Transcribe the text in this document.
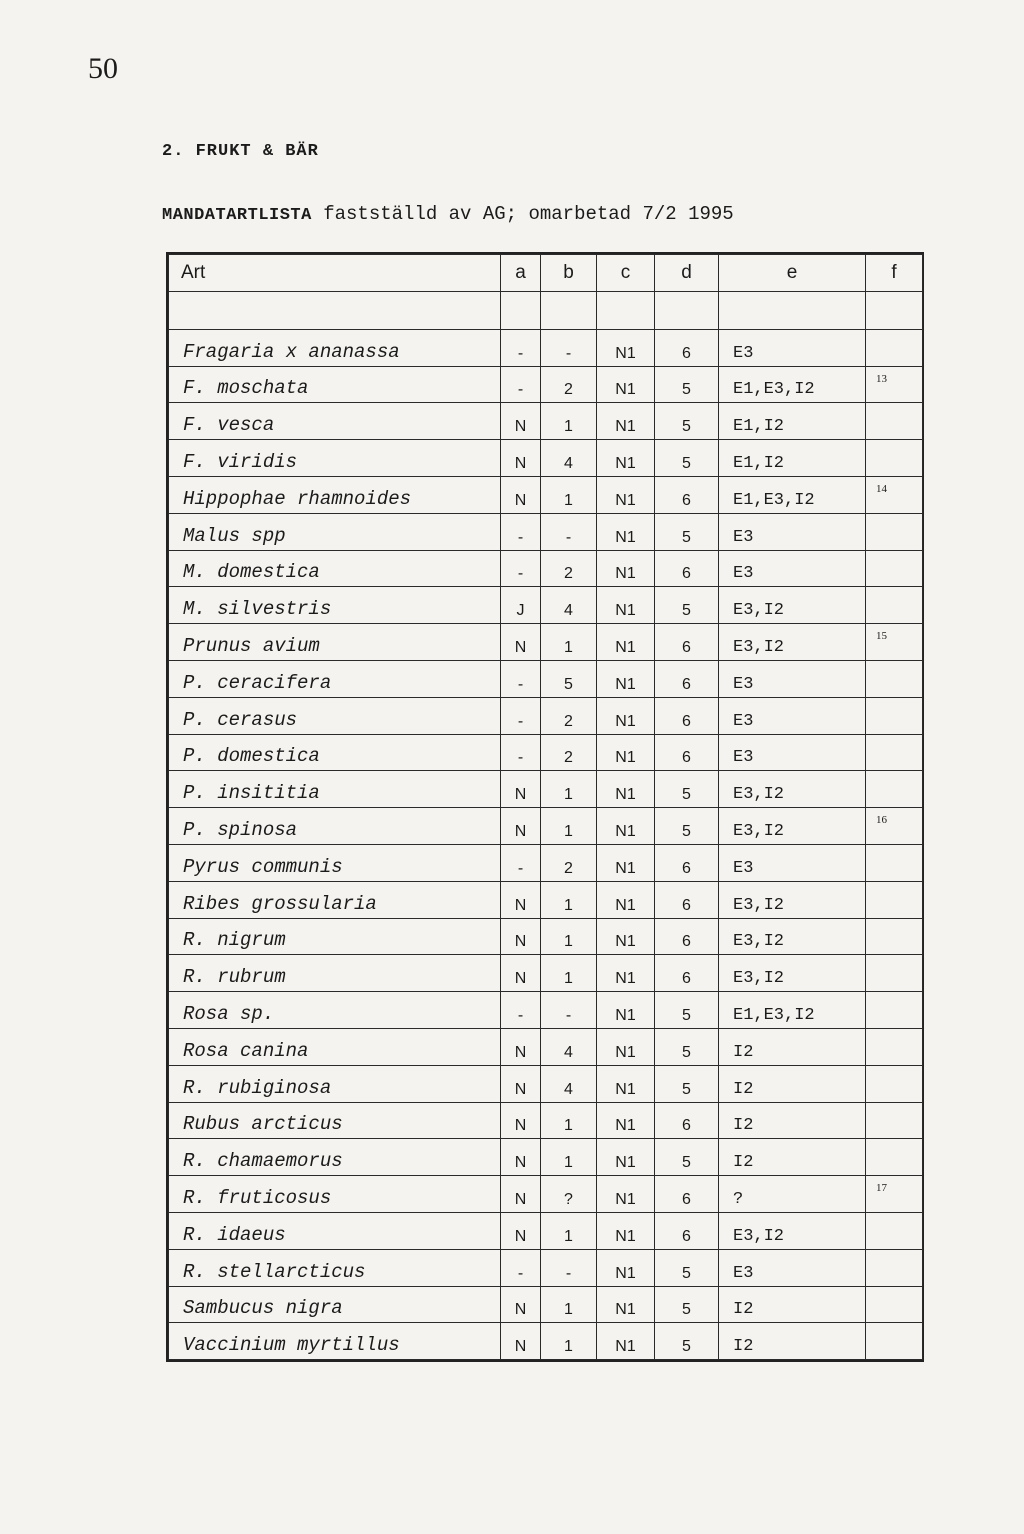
50
2. FRUKT & BÄR
MANDATARTLISTA fastställd av AG; omarbetad 7/2 1995
Art	a	b	c	d	e	f

Fragaria x ananassa	-	-	N1	6	E3	
F. moschata	-	2	N1	5	E1,E3,I2	13
F. vesca	N	1	N1	5	E1,I2	
F. viridis	N	4	N1	5	E1,I2	
Hippophae rhamnoides	N	1	N1	6	E1,E3,I2	14
Malus spp	-	-	N1	5	E3	
M. domestica	-	2	N1	6	E3	
M. silvestris	J	4	N1	5	E3,I2	
Prunus avium	N	1	N1	6	E3,I2	15
P. ceracifera	-	5	N1	6	E3	
P. cerasus	-	2	N1	6	E3	
P. domestica	-	2	N1	6	E3	
P. insititia	N	1	N1	5	E3,I2	
P. spinosa	N	1	N1	5	E3,I2	16
Pyrus communis	-	2	N1	6	E3	
Ribes grossularia	N	1	N1	6	E3,I2	
R. nigrum	N	1	N1	6	E3,I2	
R. rubrum	N	1	N1	6	E3,I2	
Rosa sp.	-	-	N1	5	E1,E3,I2	
Rosa canina	N	4	N1	5	I2	
R. rubiginosa	N	4	N1	5	I2	
Rubus arcticus	N	1	N1	6	I2	
R. chamaemorus	N	1	N1	5	I2	
R. fruticosus	N	?	N1	6	?	17
R. idaeus	N	1	N1	6	E3,I2	
R. stellarcticus	-	-	N1	5	E3	
Sambucus nigra	N	1	N1	5	I2	
Vaccinium myrtillus	N	1	N1	5	I2	
